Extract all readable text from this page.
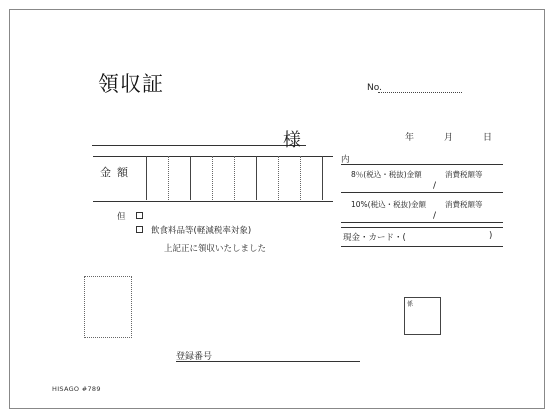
領収証	No.
様	年	月	日
金額
内
8％(税込・税抜)金額	消費税額等
/
10%(税込・税抜)金額	消費税額等
/
現金・カード・(	)
但
飲食料品等(軽減税率対象)
上記正に領収いたしました
係
登録番号
HISAGO #789
